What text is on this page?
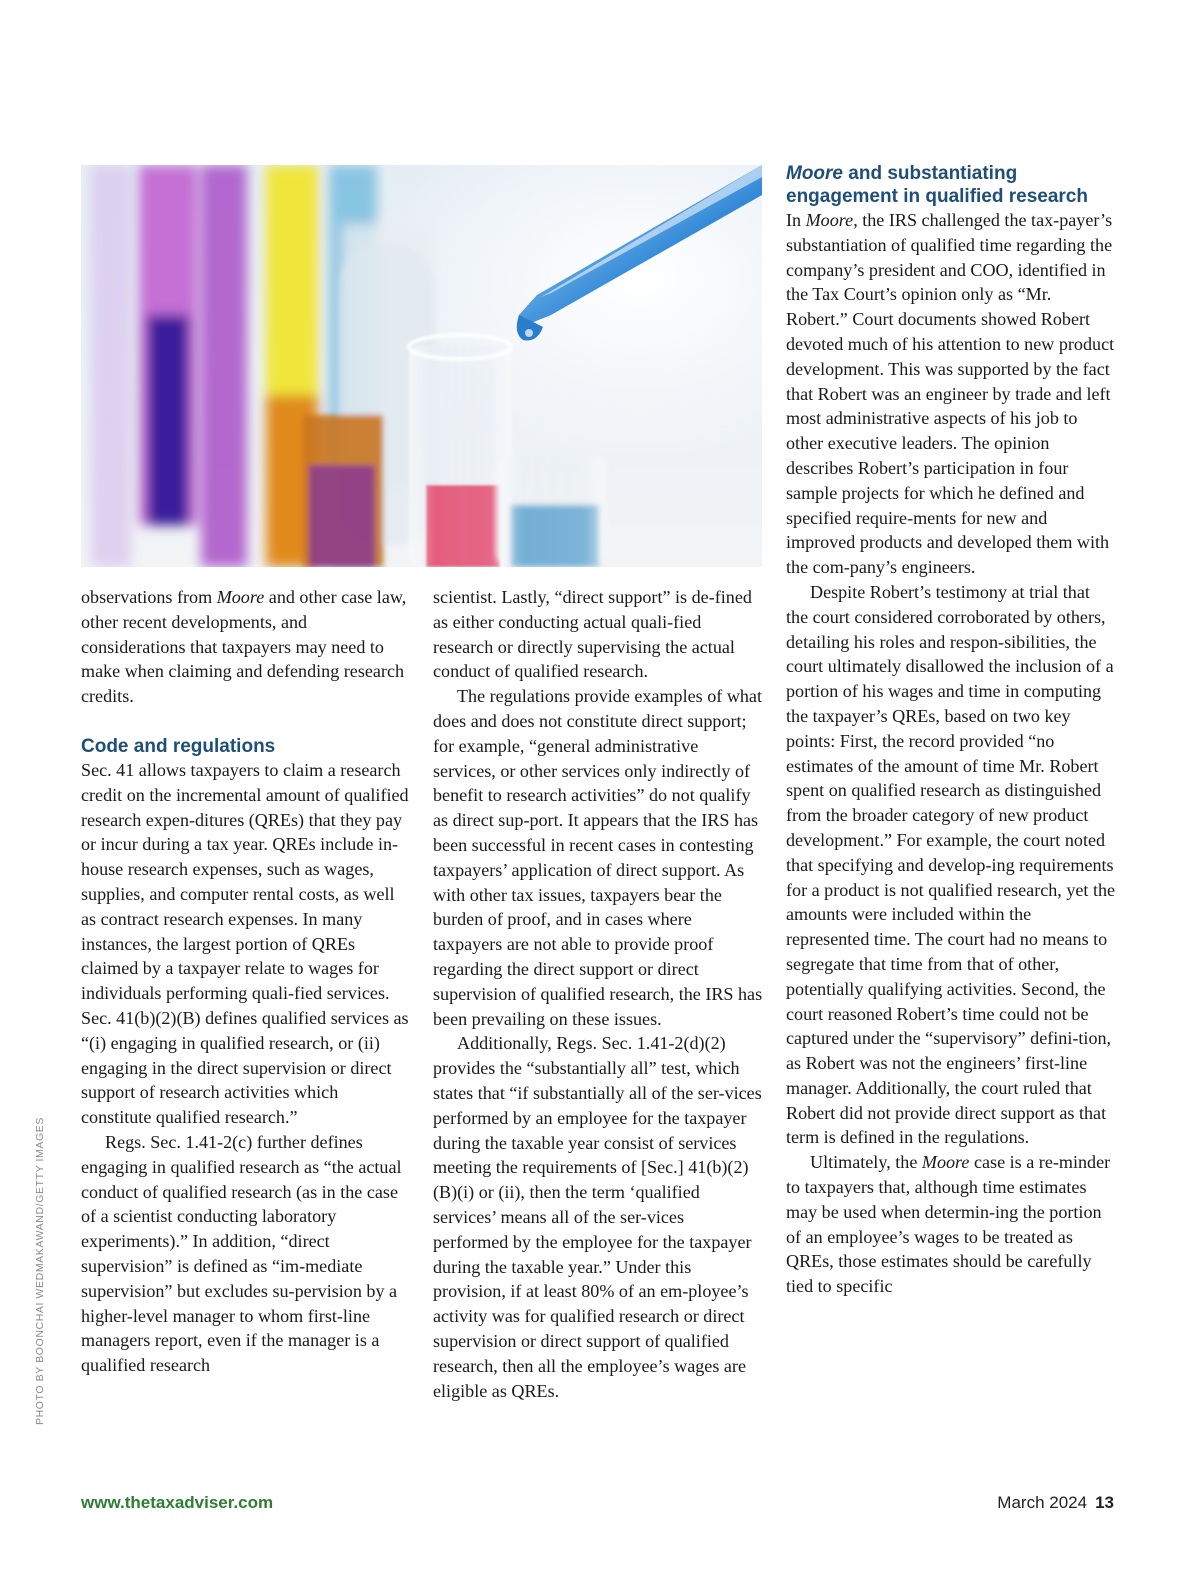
PHOTO BY BOONCHAI WEDMAKAWAND/GETTY IMAGES

observations from Moore and other case law, other recent developments, and considerations that taxpayers may need to make when claiming and defending research credits.

Code and regulations

Sec. 41 allows taxpayers to claim a research credit on the incremental amount of qualified research expen-ditures (QREs) that they pay or incur during a tax year. QREs include in-house research expenses, such as wages, supplies, and computer rental costs, as well as contract research expenses. In many instances, the largest portion of QREs claimed by a taxpayer relate to wages for individuals performing quali-fied services. Sec. 41(b)(2)(B) defines qualified services as “(i) engaging in qualified research, or (ii) engaging in the direct supervision or direct support of research activities which constitute qualified research.”

Regs. Sec. 1.41-2(c) further defines engaging in qualified research as “the actual conduct of qualified research (as in the case of a scientist conducting laboratory experiments).” In addition, “direct supervision” is defined as “im-mediate supervision” but excludes su-pervision by a higher-level manager to whom first-line managers report, even if the manager is a qualified research

scientist. Lastly, “direct support” is de-fined as either conducting actual quali-fied research or directly supervising the actual conduct of qualified research.

The regulations provide examples of what does and does not constitute direct support; for example, “general administrative services, or other services only indirectly of benefit to research activities” do not qualify as direct sup-port. It appears that the IRS has been successful in recent cases in contesting taxpayers’ application of direct support. As with other tax issues, taxpayers bear the burden of proof, and in cases where taxpayers are not able to provide proof regarding the direct support or direct supervision of qualified research, the IRS has been prevailing on these issues.

Additionally, Regs. Sec. 1.41-2(d)(2) provides the “substantially all” test, which states that “if substantially all of the ser-vices performed by an employee for the taxpayer during the taxable year consist of services meeting the requirements of [Sec.] 41(b)(2)(B)(i) or (ii), then the term ‘qualified services’ means all of the ser-vices performed by the employee for the taxpayer during the taxable year.” Under this provision, if at least 80% of an em-ployee’s activity was for qualified research or direct supervision or direct support of qualified research, then all the employee’s wages are eligible as QREs.

Moore and substantiating engagement in qualified research

In Moore, the IRS challenged the tax-payer’s substantiation of qualified time regarding the company’s president and COO, identified in the Tax Court’s opinion only as “Mr. Robert.” Court documents showed Robert devoted much of his attention to new product development. This was supported by the fact that Robert was an engineer by trade and left most administrative aspects of his job to other executive leaders. The opinion describes Robert’s participation in four sample projects for which he defined and specified require-ments for new and improved products and developed them with the com-pany’s engineers.

Despite Robert’s testimony at trial that the court considered corroborated by others, detailing his roles and respon-sibilities, the court ultimately disallowed the inclusion of a portion of his wages and time in computing the taxpayer’s QREs, based on two key points: First, the record provided “no estimates of the amount of time Mr. Robert spent on qualified research as distinguished from the broader category of new product development.” For example, the court noted that specifying and develop-ing requirements for a product is not qualified research, yet the amounts were included within the represented time. The court had no means to segregate that time from that of other, potentially qualifying activities. Second, the court reasoned Robert’s time could not be captured under the “supervisory” defini-tion, as Robert was not the engineers’ first-line manager. Additionally, the court ruled that Robert did not provide direct support as that term is defined in the regulations.

Ultimately, the Moore case is a re-minder to taxpayers that, although time estimates may be used when determin-ing the portion of an employee’s wages to be treated as QREs, those estimates should be carefully tied to specific

www.thetaxadviser.com	March 2024 13
